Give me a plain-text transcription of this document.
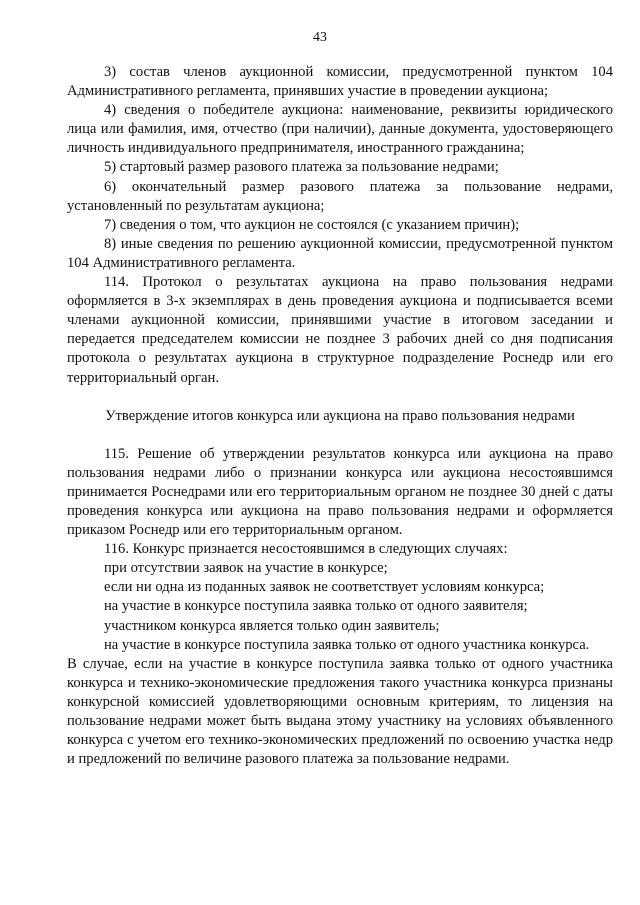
43

3) состав членов аукционной комиссии, предусмотренной пунктом 104 Административного регламента, принявших участие в проведении аукциона;

4) сведения о победителе аукциона: наименование, реквизиты юридического лица или фамилия, имя, отчество (при наличии), данные документа, удостоверяющего личность индивидуального предпринимателя, иностранного гражданина;

5) стартовый размер разового платежа за пользование недрами;

6) окончательный размер разового платежа за пользование недрами, установленный по результатам аукциона;

7) сведения о том, что аукцион не состоялся (с указанием причин);

8) иные сведения по решению аукционной комиссии, предусмотренной пунктом 104 Административного регламента.

114. Протокол о результатах аукциона на право пользования недрами оформляется в 3-х экземплярах в день проведения аукциона и подписывается всеми членами аукционной комиссии, принявшими участие в итоговом заседании и передается председателем комиссии не позднее 3 рабочих дней со дня подписания протокола о результатах аукциона в структурное подразделение Роснедр или его территориальный орган.

Утверждение итогов конкурса или аукциона на право пользования недрами

115. Решение об утверждении результатов конкурса или аукциона на право пользования недрами либо о признании конкурса или аукциона несостоявшимся принимается Роснедрами или его территориальным органом не позднее 30 дней с даты проведения конкурса или аукциона на право пользования недрами и оформляется приказом Роснедр или его территориальным органом.

116. Конкурс признается несостоявшимся в следующих случаях:

при отсутствии заявок на участие в конкурсе;

если ни одна из поданных заявок не соответствует условиям конкурса;

на участие в конкурсе поступила заявка только от одного заявителя;

участником конкурса является только один заявитель;

на участие в конкурсе поступила заявка только от одного участника конкурса.

В случае, если на участие в конкурсе поступила заявка только от одного участника конкурса и технико-экономические предложения такого участника конкурса признаны конкурсной комиссией удовлетворяющими основным критериям, то лицензия на пользование недрами может быть выдана этому участнику на условиях объявленного конкурса с учетом его технико-экономических предложений по освоению участка недр и предложений по величине разового платежа за пользование недрами.
